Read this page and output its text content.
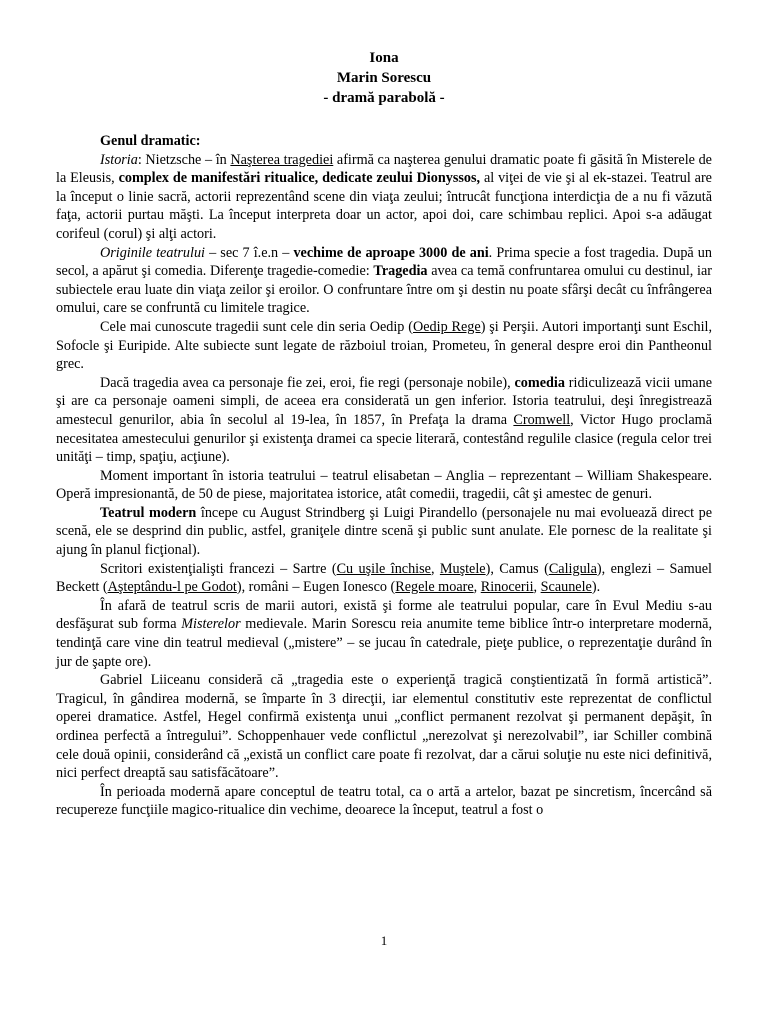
Iona
Marin Sorescu
- dramă parabolă -
Genul dramatic:

Istoria: Nietzsche – în Naşterea tragediei afirmă ca naşterea genului dramatic poate fi găsită în Misterele de la Eleusis, complex de manifestări ritualice, dedicate zeului Dionyssos, al viţei de vie şi al ek-stazei. Teatrul are la început o linie sacră, actorii reprezentând scene din viaţa zeului; întrucât funcţiona interdicţia de a nu fi văzută faţa, actorii purtau măşti. La început interpreta doar un actor, apoi doi, care schimbau replici. Apoi s-a adăugat corifeul (corul) şi alţi actori.

Originile teatrului – sec 7 î.e.n – vechime de aproape 3000 de ani. Prima specie a fost tragedia. După un secol, a apărut şi comedia. Diferenţe tragedie-comedie: Tragedia avea ca temă confruntarea omului cu destinul, iar subiectele erau luate din viaţa zeilor şi eroilor. O confruntare între om şi destin nu poate sfârşi decât cu înfrângerea omului, care se confruntă cu limitele tragice.

Cele mai cunoscute tragedii sunt cele din seria Oedip (Oedip Rege) şi Perşii. Autori importanţi sunt Eschil, Sofocle şi Euripide. Alte subiecte sunt legate de războiul troian, Prometeu, în general despre eroi din Pantheonul grec.

Dacă tragedia avea ca personaje fie zei, eroi, fie regi (personaje nobile), comedia ridiculizează vicii umane şi are ca personaje oameni simpli, de aceea era considerată un gen inferior. Istoria teatrului, deşi înregistrează amestecul genurilor, abia în secolul al 19-lea, în 1857, în Prefaţa la drama Cromwell, Victor Hugo proclamă necesitatea amestecului genurilor şi existenţa dramei ca specie literară, contestând regulile clasice (regula celor trei unităţi – timp, spaţiu, acţiune).

Moment important în istoria teatrului – teatrul elisabetan – Anglia – reprezentant – William Shakespeare. Operă impresionantă, de 50 de piese, majoritatea istorice, atât comedii, tragedii, cât şi amestec de genuri.

Teatrul modern începe cu August Strindberg şi Luigi Pirandello (personajele nu mai evoluează direct pe scenă, ele se desprind din public, astfel, graniţele dintre scenă şi public sunt anulate. Ele pornesc de la realitate şi ajung în planul ficţional).

Scritori existenţialişti francezi – Sartre (Cu uşile închise, Muştele), Camus (Caligula), englezi – Samuel Beckett (Aşteptându-l pe Godot), români – Eugen Ionesco (Regele moare, Rinocerii, Scaunele).

În afară de teatrul scris de marii autori, există şi forme ale teatrului popular, care în Evul Mediu s-au desfăşurat sub forma Misterelor medievale. Marin Sorescu reia anumite teme biblice într-o interpretare modernă, tendinţă care vine din teatrul medieval („mistere” – se jucau în catedrale, pieţe publice, o reprezentaţie durând în jur de şapte ore).

Gabriel Liiceanu consideră că „tragedia este o experienţă tragică conştientizată în formă artistică”. Tragicul, în gândirea modernă, se împarte în 3 direcţii, iar elementul constitutiv este reprezentat de conflictul operei dramatice. Astfel, Hegel confirmă existenţa unui „conflict permanent rezolvat şi permanent depăşit, în ordinea perfectă a întregului”. Schoppenhauer vede conflictul „nerezolvat şi nerezolvabil”, iar Schiller combină cele două opinii, considerând că „există un conflict care poate fi rezolvat, dar a cărui soluţie nu este nici definitivă, nici perfect dreaptă sau satisfăcătoare”.

În perioada modernă apare conceptul de teatru total, ca o artă a artelor, bazat pe sincretism, încercând să recupereze funcţiile magico-ritualice din vechime, deoarece la început, teatrul a fost o

1
